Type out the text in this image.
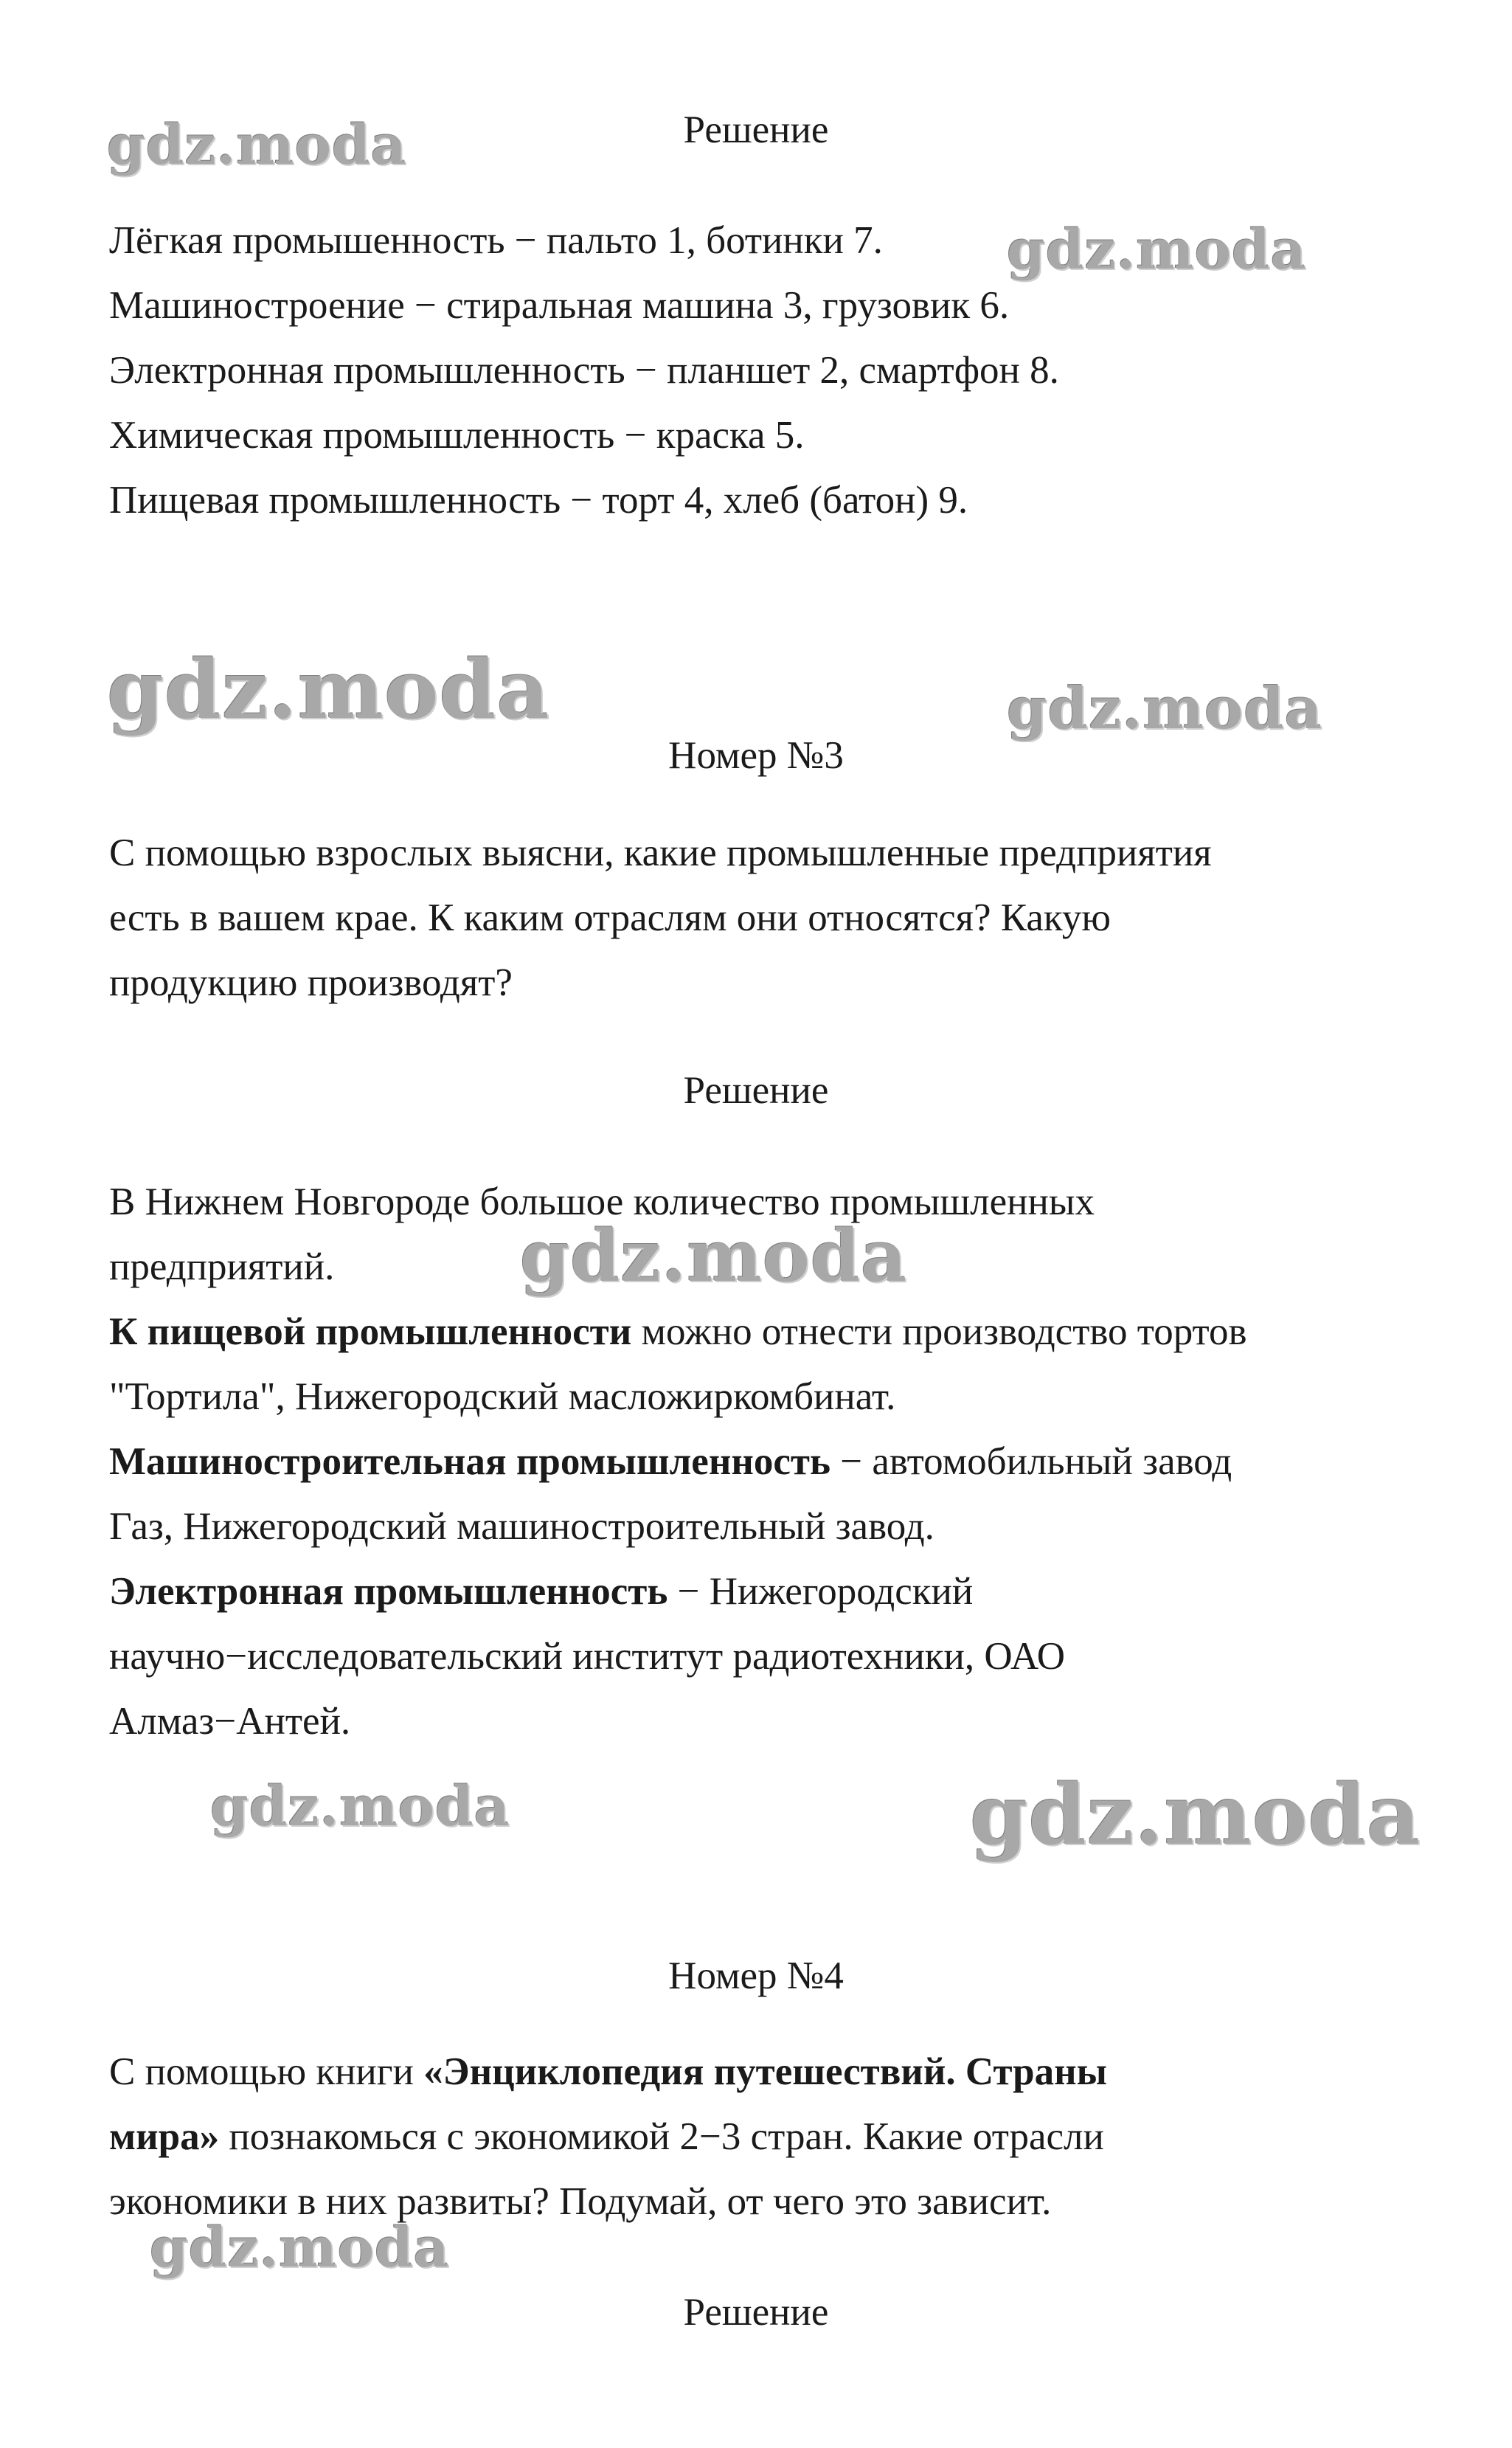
gdz.moda
gdz.moda
gdz.moda	gdz.moda
gdz.moda
gdz.moda	gdz.moda
gdz.moda
Решение
Лёгкая промышенность − пальто 1, ботинки 7.
Машиностроение − стиральная машина 3, грузовик 6.
Электронная промышленность − планшет 2, смартфон 8.
Химическая промышленность − краска 5.
Пищевая промышленность − торт 4, хлеб (батон) 9.
Номер №3
С помощью взрослых выясни, какие промышленные предприятия
есть в вашем крае. К каким отраслям они относятся? Какую
продукцию производят?
Решение
В Нижнем Новгороде большое количество промышленных
предприятий.
К пищевой промышленности можно отнести производство тортов
"Тортила", Нижегородский масложиркомбинат.
Машиностроительная промышленность − автомобильный завод
Газ, Нижегородский машиностроительный завод.
Электронная промышленность − Нижегородский
научно−исследовательский институт радиотехники, ОАО
Алмаз−Антей.
Номер №4
С помощью книги «Энциклопедия путешествий. Страны
мира» познакомься с экономикой 2−3 стран. Какие отрасли
экономики в них развиты? Подумай, от чего это зависит.
Решение
